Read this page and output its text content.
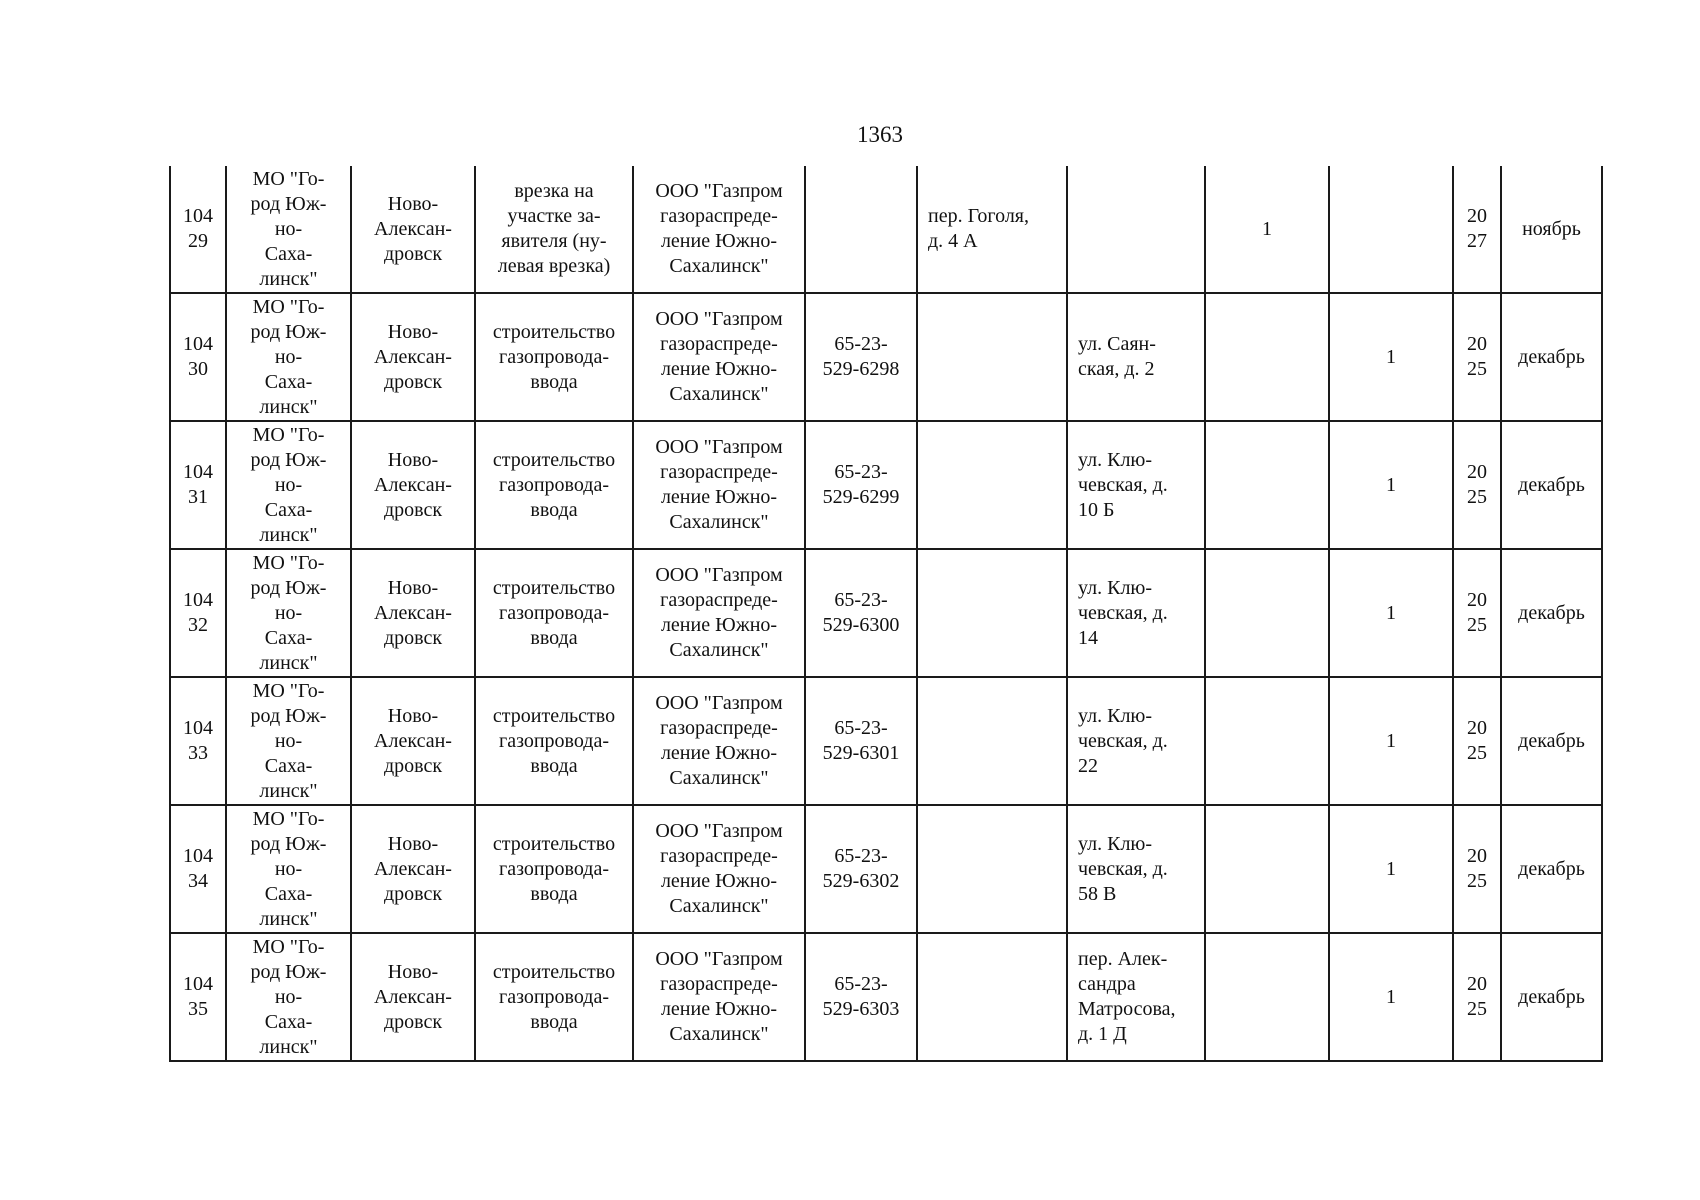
1363
104
29	МО "Го-
род Юж-
но-
Саха-
линск"	Ново-
Алексан-
дровск	врезка на
участке за-
явителя (ну-
левая врезка)	ООО "Газпром
газораспреде-
ление Южно-
Сахалинск"		пер. Гоголя,
д. 4 А		1		20
27	ноябрь
104
30	МО "Го-
род Юж-
но-
Саха-
линск"	Ново-
Алексан-
дровск	строительство
газопровода-
ввода	ООО "Газпром
газораспреде-
ление Южно-
Сахалинск"	65-23-
529-6298		ул. Саян-
ская, д. 2		1	20
25	декабрь
104
31	МО "Го-
род Юж-
но-
Саха-
линск"	Ново-
Алексан-
дровск	строительство
газопровода-
ввода	ООО "Газпром
газораспреде-
ление Южно-
Сахалинск"	65-23-
529-6299		ул. Клю-
чевская, д.
10 Б		1	20
25	декабрь
104
32	МО "Го-
род Юж-
но-
Саха-
линск"	Ново-
Алексан-
дровск	строительство
газопровода-
ввода	ООО "Газпром
газораспреде-
ление Южно-
Сахалинск"	65-23-
529-6300		ул. Клю-
чевская, д.
14		1	20
25	декабрь
104
33	МО "Го-
род Юж-
но-
Саха-
линск"	Ново-
Алексан-
дровск	строительство
газопровода-
ввода	ООО "Газпром
газораспреде-
ление Южно-
Сахалинск"	65-23-
529-6301		ул. Клю-
чевская, д.
22		1	20
25	декабрь
104
34	МО "Го-
род Юж-
но-
Саха-
линск"	Ново-
Алексан-
дровск	строительство
газопровода-
ввода	ООО "Газпром
газораспреде-
ление Южно-
Сахалинск"	65-23-
529-6302		ул. Клю-
чевская, д.
58 В		1	20
25	декабрь
104
35	МО "Го-
род Юж-
но-
Саха-
линск"	Ново-
Алексан-
дровск	строительство
газопровода-
ввода	ООО "Газпром
газораспреде-
ление Южно-
Сахалинск"	65-23-
529-6303		пер. Алек-
сандра
Матросова,
д. 1 Д		1	20
25	декабрь
